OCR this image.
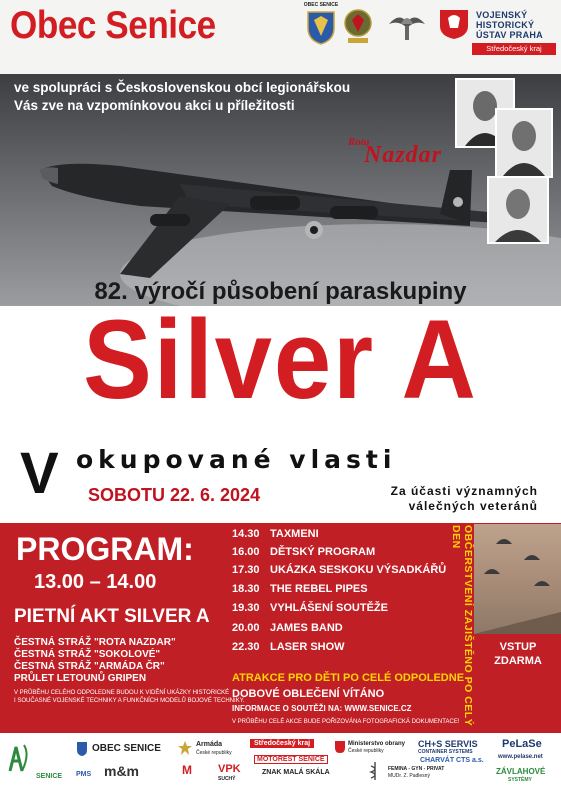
Obec Senice	OBEC SENICE
VOJENSKÝ
HISTORICKÝ
ÚSTAV PRAHA
Středočeský kraj
ve spolupráci s Československou obcí legionářskou
Vás zve na vzpomínkovou akci u příležitosti
Rota
Nazdar
82. výročí působení paraskupiny
Silver A
V okupované vlasti
SOBOTU 22. 6. 2024	Za účasti významných
válečných veteránů
PROGRAM:
13.00 – 14.00
PIETNÍ AKT SILVER A
ČESTNÁ STRÁŽ "ROTA NAZDAR"
ČESTNÁ STRÁŽ "SOKOLOVÉ"
ČESTNÁ STRÁŽ "ARMÁDA ČR"
PRŮLET LETOUNŮ GRIPEN
V PRŮBĚHU CELÉHO ODPOLEDNE BUDOU K VIDĚNÍ UKÁZKY HISTORICKÉ
I SOUČASNÉ VOJENSKÉ TECHNIKY A FUNKČNÍCH MODELŮ BOJOVÉ TECHNIKY.
14.30 TAXMENI
16.00 DĚTSKÝ PROGRAM
17.30 UKÁZKA SESKOKU VÝSADKÁŘŮ
18.30 THE REBEL PIPES
19.30 VYHLÁŠENÍ SOUTĚŽE
20.00 JAMES BAND
22.30 LASER SHOW
ATRAKCE PRO DĚTI PO CELÉ ODPOLEDNE
DOBOVÉ OBLEČENÍ VÍTÁNO
INFORMACE O SOUTĚŽI NA: WWW.SENICE.CZ
V PRŮBĚHU CELÉ AKCE BUDE POŘIZOVÁNA FOTOGRAFICKÁ DOKUMENTACE! OBČERSTVENÍ ZAJIŠTĚNO PO CELÝ DEN
VSTUP
ZDARMA
SENICE
OBEC SENICE
PMS m&m
Armáda
České republiky
M VPK
SUCHÝ
Středočeský kraj
MOTOREST SENICE
ZNAK MALÁ SKÁLA
Ministerstvo obrany
České republiky
FEMINA - GYN - PRIVAT
MUDr. Z. Padlesný
CH+S SERVIS
CONTAINER SYSTEMS
CHARVÁT CTS a.s.
PeLaSe
www.pelase.net
ZÁVLAHOVÉ
SYSTÉMY
